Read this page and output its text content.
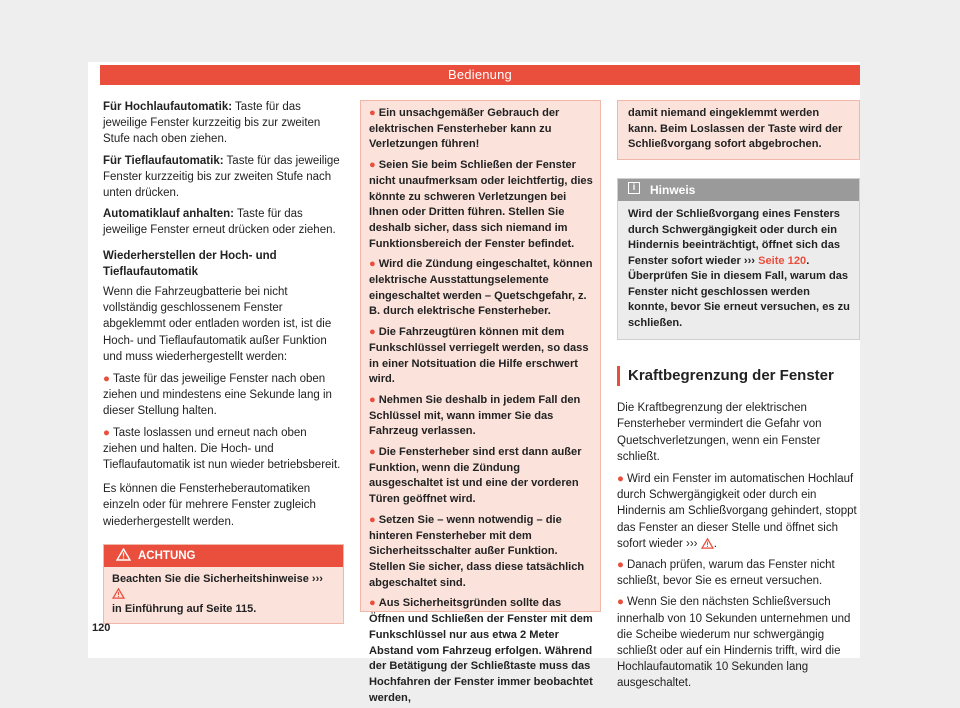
Bedienung

Für Hochlaufautomatik: Taste für das jeweilige Fenster kurzzeitig bis zur zweiten Stufe nach oben ziehen.

Für Tieflaufautomatik: Taste für das jeweilige Fenster kurzzeitig bis zur zweiten Stufe nach unten drücken.

Automatiklauf anhalten: Taste für das jeweilige Fenster erneut drücken oder ziehen.

Wiederherstellen der Hoch- und Tieflaufautomatik

Wenn die Fahrzeugbatterie bei nicht vollständig geschlossenem Fenster abgeklemmt oder entladen worden ist, ist die Hoch- und Tieflaufautomatik außer Funktion und muss wiederhergestellt werden:

● Taste für das jeweilige Fenster nach oben ziehen und mindestens eine Sekunde lang in dieser Stellung halten.

● Taste loslassen und erneut nach oben ziehen und halten. Die Hoch- und Tieflaufautomatik ist nun wieder betriebsbereit.

Es können die Fensterheberautomatiken einzeln oder für mehrere Fenster zugleich wiederhergestellt werden.

ACHTUNG
Beachten Sie die Sicherheitshinweise ›››
in Einführung auf Seite 115.

● Ein unsachgemäßer Gebrauch der elektrischen Fensterheber kann zu Verletzungen führen!

● Seien Sie beim Schließen der Fenster nicht unaufmerksam oder leichtfertig, dies könnte zu schweren Verletzungen bei Ihnen oder Dritten führen. Stellen Sie deshalb sicher, dass sich niemand im Funktionsbereich der Fenster befindet.

● Wird die Zündung eingeschaltet, können elektrische Ausstattungselemente eingeschaltet werden – Quetschgefahr, z. B. durch elektrische Fensterheber.

● Die Fahrzeugtüren können mit dem Funkschlüssel verriegelt werden, so dass in einer Notsituation die Hilfe erschwert wird.

● Nehmen Sie deshalb in jedem Fall den Schlüssel mit, wann immer Sie das Fahrzeug verlassen.

● Die Fensterheber sind erst dann außer Funktion, wenn die Zündung ausgeschaltet ist und eine der vorderen Türen geöffnet wird.

● Setzen Sie – wenn notwendig – die hinteren Fensterheber mit dem Sicherheitsschalter außer Funktion. Stellen Sie sicher, dass diese tatsächlich abgeschaltet sind.

● Aus Sicherheitsgründen sollte das Öffnen und Schließen der Fenster mit dem Funkschlüssel nur aus etwa 2 Meter Abstand vom Fahrzeug erfolgen. Während der Betätigung der Schließtaste muss das Hochfahren der Fenster immer beobachtet werden,

damit niemand eingeklemmt werden kann. Beim Loslassen der Taste wird der Schließvorgang sofort abgebrochen.
i	Hinweis
Wird der Schließvorgang eines Fensters durch Schwergängigkeit oder durch ein Hindernis beeinträchtigt, öffnet sich das Fenster sofort wieder ››› Seite 120. Überprüfen Sie in diesem Fall, warum das Fenster nicht geschlossen werden konnte, bevor Sie erneut versuchen, es zu schließen.
Kraftbegrenzung der Fenster

Die Kraftbegrenzung der elektrischen Fensterheber vermindert die Gefahr von Quetschverletzungen, wenn ein Fenster schließt.

● Wird ein Fenster im automatischen Hochlauf durch Schwergängigkeit oder durch ein Hindernis am Schließvorgang gehindert, stoppt das Fenster an dieser Stelle und öffnet sich sofort wieder ››› .

● Danach prüfen, warum das Fenster nicht schließt, bevor Sie es erneut versuchen.

● Wenn Sie den nächsten Schließversuch innerhalb von 10 Sekunden unternehmen und die Scheibe wiederum nur schwergängig schließt oder auf ein Hindernis trifft, wird die Hochlaufautomatik 10 Sekunden lang ausgeschaltet.

120
